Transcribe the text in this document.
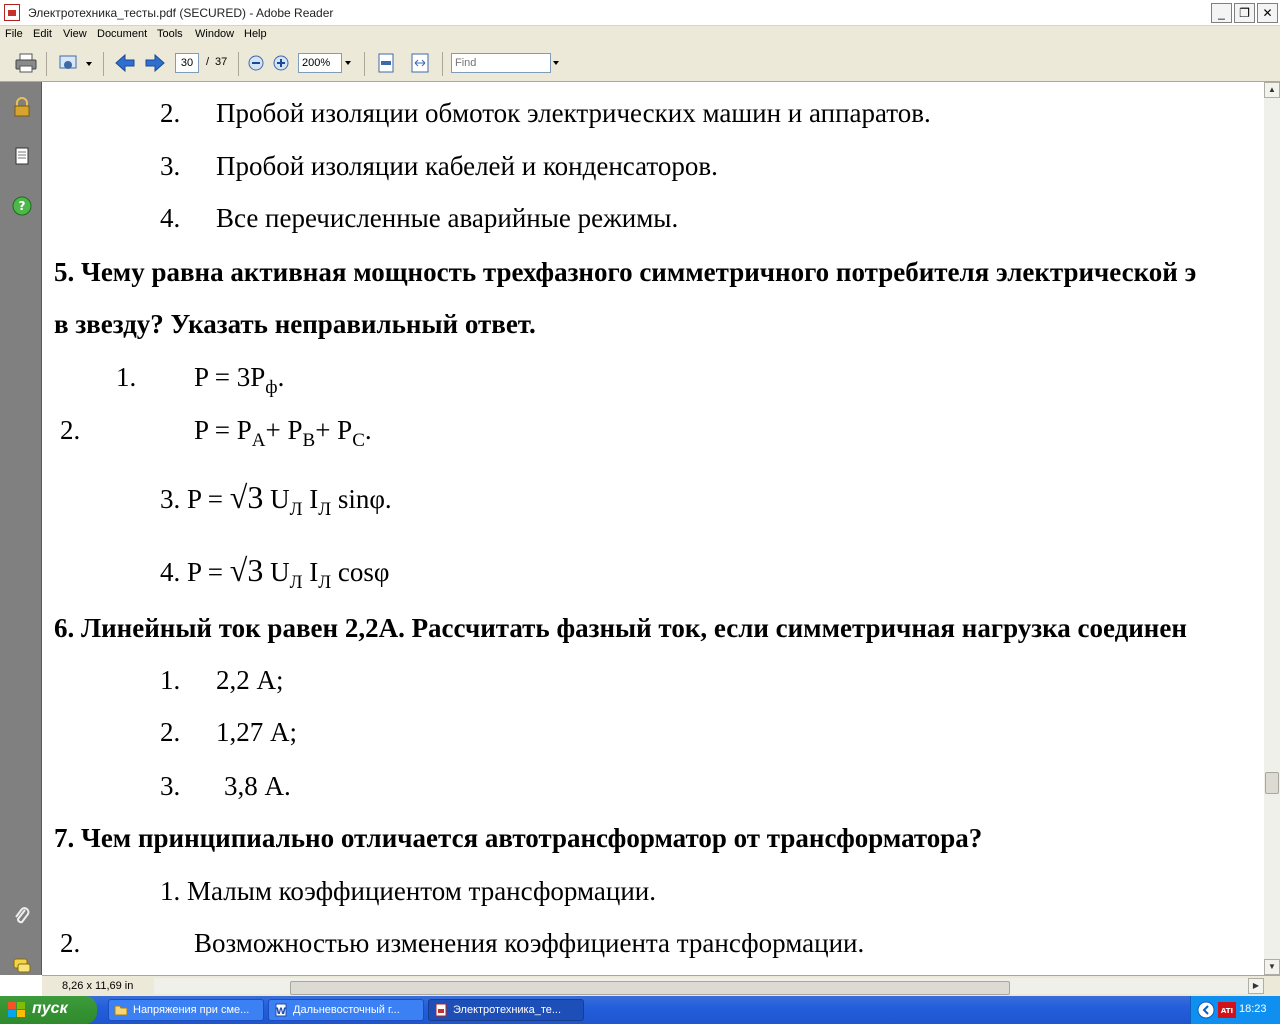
Электротехника_тесты.pdf (SECURED) - Adobe Reader	_	❐	✕
File Edit View Document Tools Window Help
30
/ 37
200%
Find
?
2. Пробой изоляции обмоток электрических машин и аппаратов.
3. Пробой изоляции кабелей и конденсаторов.
4. Все перечисленные аварийные режимы.
5. Чему равна активная мощность трехфазного симметричного потребителя электрической э
в звезду? Указать неправильный ответ.
1. $P = 3P_ф$.
2.	$P = P_A+ P_B+ P_C$.
3. P = √3 $U_Л$ $I_Л$ sinφ.
4. P = √3 $U_Л$ $I_Л$ cosφ
6. Линейный ток равен 2,2А. Рассчитать фазный ток, если симметричная нагрузка соединен
1. 2,2 А;
2. 1,27 А;
3. 3,8 А.
7. Чем принципиально отличается автотрансформатор от трансформатора?
1. Малым коэффициентом трансформации.
2.	Возможностью изменения коэффициента трансформации.
▲
▼
8,26 x 11,69 in	▶
пуск	Напряжения при сме...	W Дальневосточный г...	Электротехника_те...	ATI 18:23
